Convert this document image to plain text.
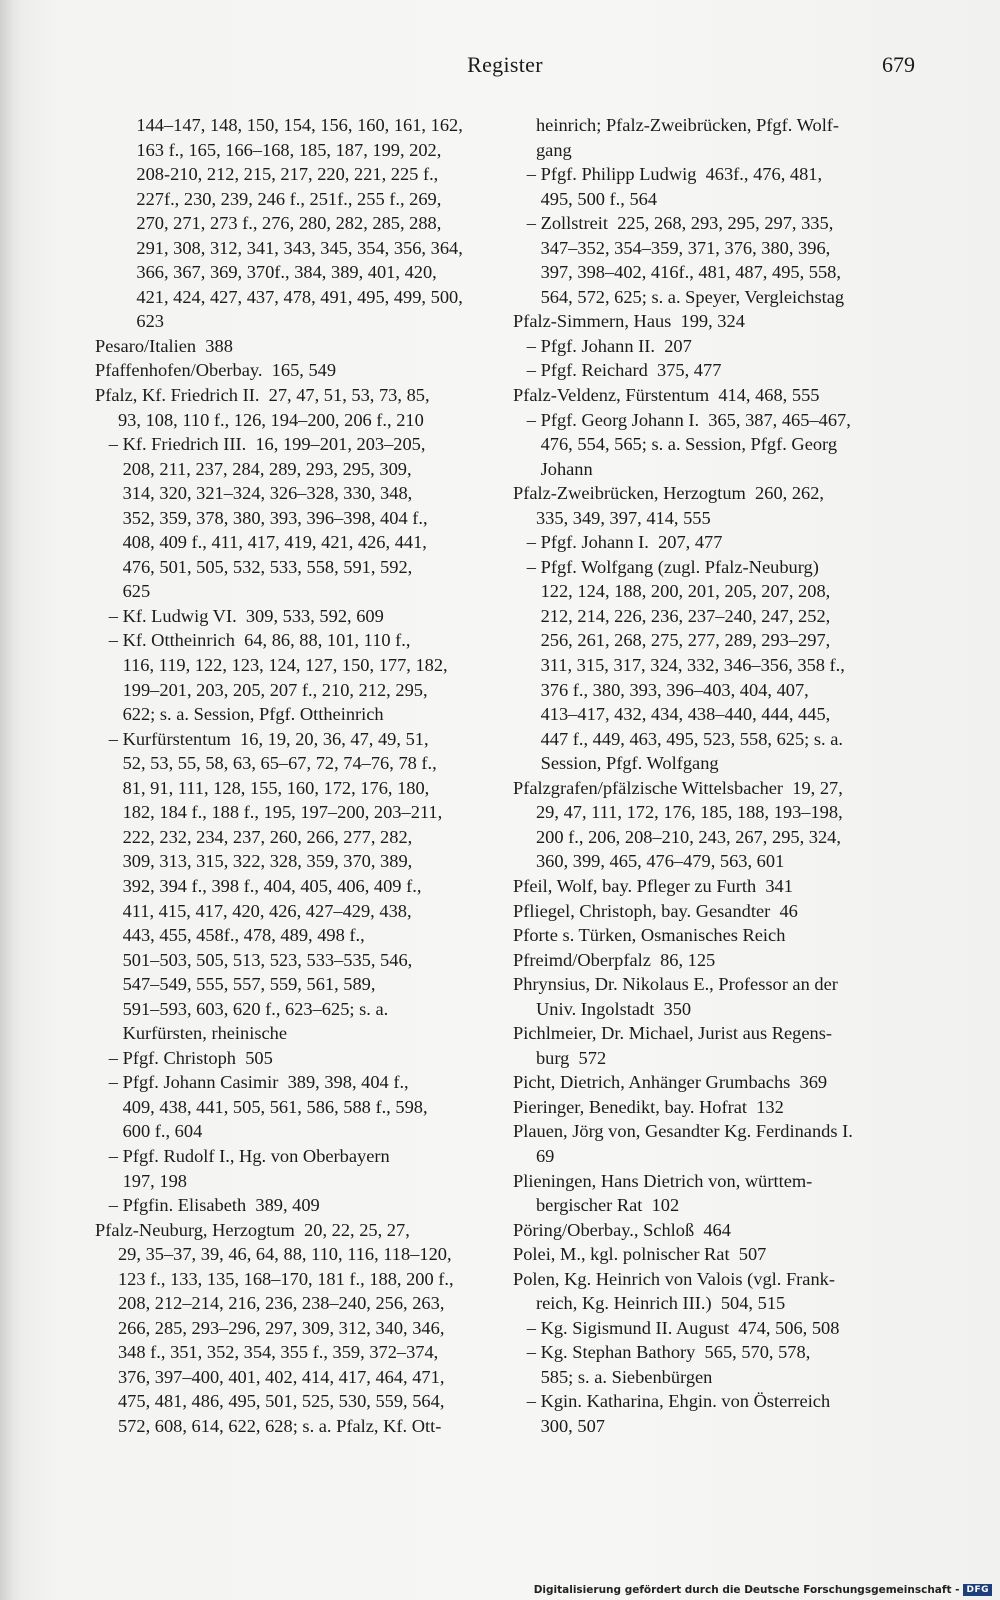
Register	679
144–147, 148, 150, 154, 156, 160, 161, 162,
163 f., 165, 166–168, 185, 187, 199, 202,
208-210, 212, 215, 217, 220, 221, 225 f.,
227f., 230, 239, 246 f., 251f., 255 f., 269,
270, 271, 273 f., 276, 280, 282, 285, 288,
291, 308, 312, 341, 343, 345, 354, 356, 364,
366, 367, 369, 370f., 384, 389, 401, 420,
421, 424, 427, 437, 478, 491, 495, 499, 500,
623
Pesaro/Italien  388
Pfaffenhofen/Oberbay.  165, 549
Pfalz, Kf. Friedrich II.  27, 47, 51, 53, 73, 85,
93, 108, 110 f., 126, 194–200, 206 f., 210
– Kf. Friedrich III.  16, 199–201, 203–205,
208, 211, 237, 284, 289, 293, 295, 309,
314, 320, 321–324, 326–328, 330, 348,
352, 359, 378, 380, 393, 396–398, 404 f.,
408, 409 f., 411, 417, 419, 421, 426, 441,
476, 501, 505, 532, 533, 558, 591, 592,
625
– Kf. Ludwig VI.  309, 533, 592, 609
– Kf. Ottheinrich  64, 86, 88, 101, 110 f.,
116, 119, 122, 123, 124, 127, 150, 177, 182,
199–201, 203, 205, 207 f., 210, 212, 295,
622; s. a. Session, Pfgf. Ottheinrich
– Kurfürstentum  16, 19, 20, 36, 47, 49, 51,
52, 53, 55, 58, 63, 65–67, 72, 74–76, 78 f.,
81, 91, 111, 128, 155, 160, 172, 176, 180,
182, 184 f., 188 f., 195, 197–200, 203–211,
222, 232, 234, 237, 260, 266, 277, 282,
309, 313, 315, 322, 328, 359, 370, 389,
392, 394 f., 398 f., 404, 405, 406, 409 f.,
411, 415, 417, 420, 426, 427–429, 438,
443, 455, 458f., 478, 489, 498 f.,
501–503, 505, 513, 523, 533–535, 546,
547–549, 555, 557, 559, 561, 589,
591–593, 603, 620 f., 623–625; s. a.
Kurfürsten, rheinische
– Pfgf. Christoph  505
– Pfgf. Johann Casimir  389, 398, 404 f.,
409, 438, 441, 505, 561, 586, 588 f., 598,
600 f., 604
– Pfgf. Rudolf I., Hg. von Oberbayern
197, 198
– Pfgfin. Elisabeth  389, 409
Pfalz-Neuburg, Herzogtum  20, 22, 25, 27,
29, 35–37, 39, 46, 64, 88, 110, 116, 118–120,
123 f., 133, 135, 168–170, 181 f., 188, 200 f.,
208, 212–214, 216, 236, 238–240, 256, 263,
266, 285, 293–296, 297, 309, 312, 340, 346,
348 f., 351, 352, 354, 355 f., 359, 372–374,
376, 397–400, 401, 402, 414, 417, 464, 471,
475, 481, 486, 495, 501, 525, 530, 559, 564,
572, 608, 614, 622, 628; s. a. Pfalz, Kf. Ott-
heinrich; Pfalz-Zweibrücken, Pfgf. Wolf-
gang
– Pfgf. Philipp Ludwig  463f., 476, 481,
495, 500 f., 564
– Zollstreit  225, 268, 293, 295, 297, 335,
347–352, 354–359, 371, 376, 380, 396,
397, 398–402, 416f., 481, 487, 495, 558,
564, 572, 625; s. a. Speyer, Vergleichstag
Pfalz-Simmern, Haus  199, 324
– Pfgf. Johann II.  207
– Pfgf. Reichard  375, 477
Pfalz-Veldenz, Fürstentum  414, 468, 555
– Pfgf. Georg Johann I.  365, 387, 465–467,
476, 554, 565; s. a. Session, Pfgf. Georg
Johann
Pfalz-Zweibrücken, Herzogtum  260, 262,
335, 349, 397, 414, 555
– Pfgf. Johann I.  207, 477
– Pfgf. Wolfgang (zugl. Pfalz-Neuburg)
122, 124, 188, 200, 201, 205, 207, 208,
212, 214, 226, 236, 237–240, 247, 252,
256, 261, 268, 275, 277, 289, 293–297,
311, 315, 317, 324, 332, 346–356, 358 f.,
376 f., 380, 393, 396–403, 404, 407,
413–417, 432, 434, 438–440, 444, 445,
447 f., 449, 463, 495, 523, 558, 625; s. a.
Session, Pfgf. Wolfgang
Pfalzgrafen/pfälzische Wittelsbacher  19, 27,
29, 47, 111, 172, 176, 185, 188, 193–198,
200 f., 206, 208–210, 243, 267, 295, 324,
360, 399, 465, 476–479, 563, 601
Pfeil, Wolf, bay. Pfleger zu Furth  341
Pfliegel, Christoph, bay. Gesandter  46
Pforte s. Türken, Osmanisches Reich
Pfreimd/Oberpfalz  86, 125
Phrynsius, Dr. Nikolaus E., Professor an der
Univ. Ingolstadt  350
Pichlmeier, Dr. Michael, Jurist aus Regens-
burg  572
Picht, Dietrich, Anhänger Grumbachs  369
Pieringer, Benedikt, bay. Hofrat  132
Plauen, Jörg von, Gesandter Kg. Ferdinands I.
69
Plieningen, Hans Dietrich von, württem-
bergischer Rat  102
Pöring/Oberbay., Schloß  464
Polei, M., kgl. polnischer Rat  507
Polen, Kg. Heinrich von Valois (vgl. Frank-
reich, Kg. Heinrich III.)  504, 515
– Kg. Sigismund II. August  474, 506, 508
– Kg. Stephan Bathory  565, 570, 578,
585; s. a. Siebenbürgen
– Kgin. Katharina, Ehgin. von Österreich
300, 507
Digitalisierung gefördert durch die Deutsche Forschungsgemeinschaft - DFG
